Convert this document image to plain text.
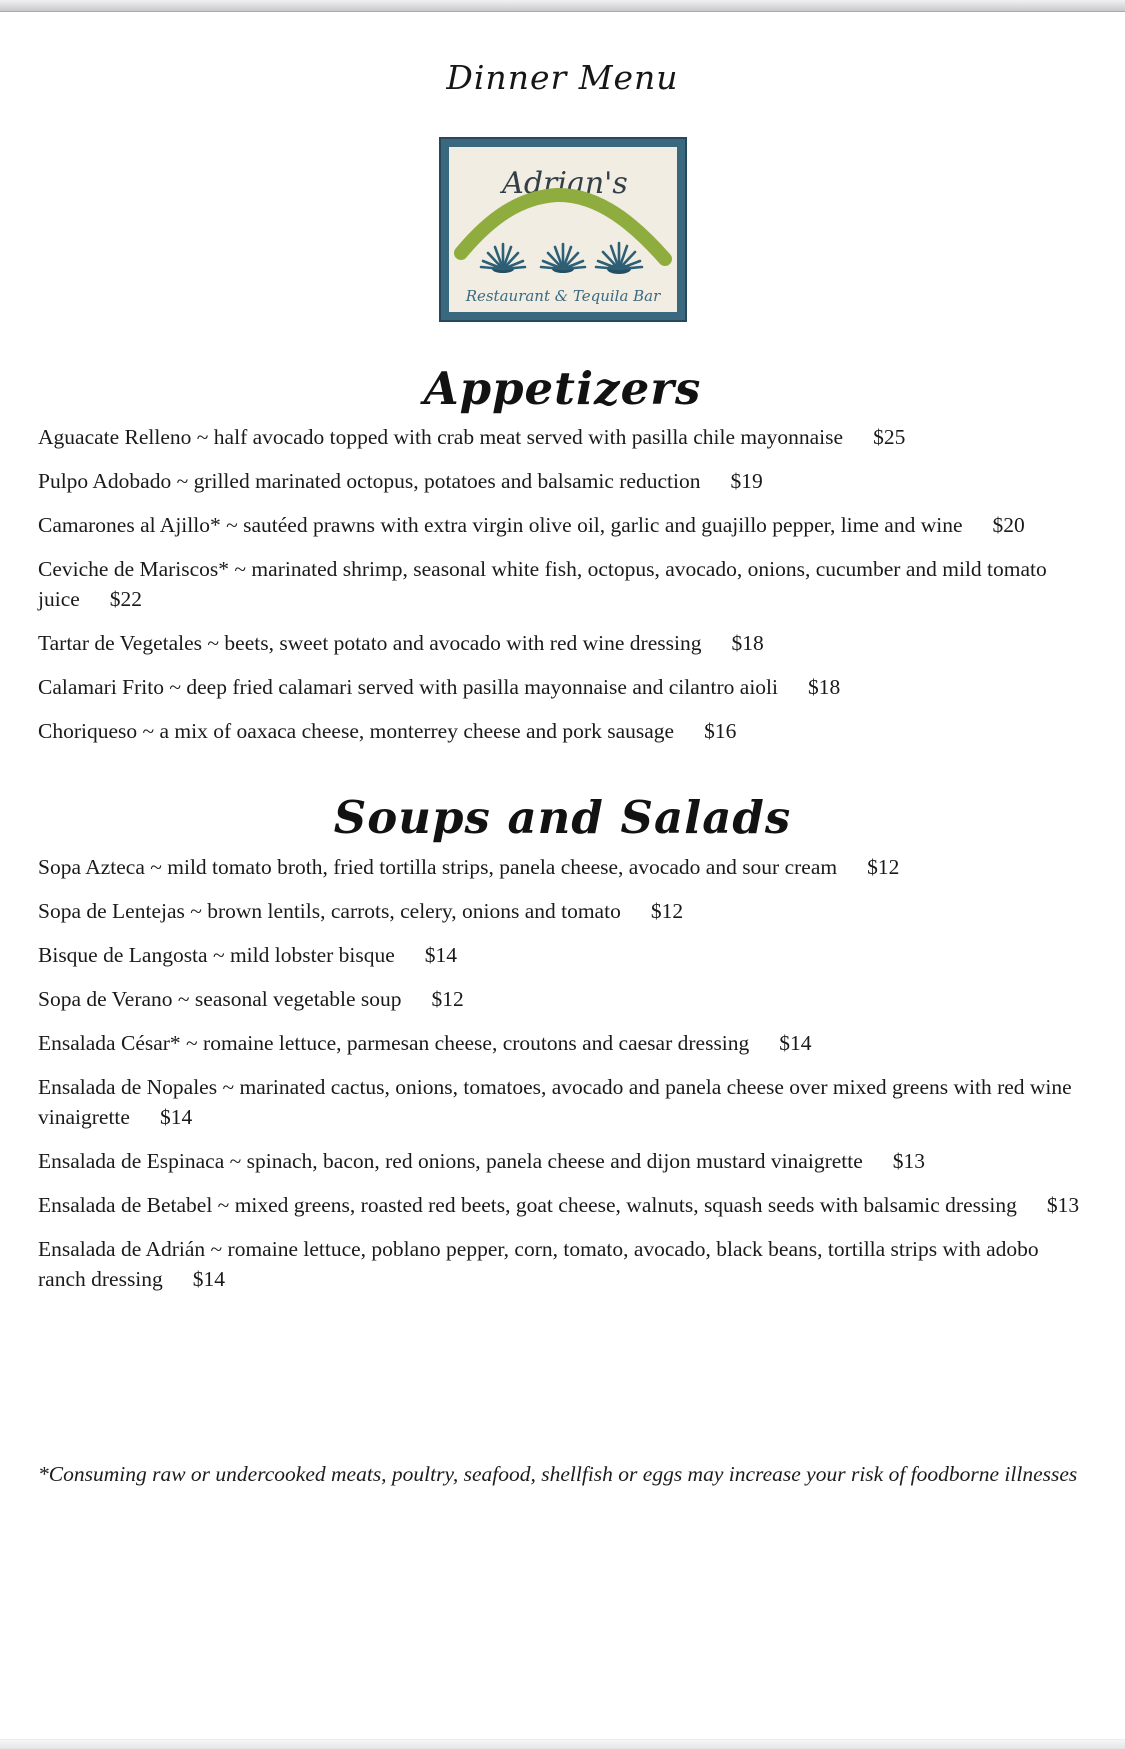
Dinner Menu
Adrian's
Restaurant & Tequila Bar
Appetizers

Aguacate Relleno ~ half avocado topped with crab meat served with pasilla chile mayonnaise $25

Pulpo Adobado ~ grilled marinated octopus, potatoes and balsamic reduction $19

Camarones al Ajillo* ~ sautéed prawns with extra virgin olive oil, garlic and guajillo pepper, lime and wine $20

Ceviche de Mariscos* ~ marinated shrimp, seasonal white fish, octopus, avocado, onions, cucumber and mild tomato juice $22

Tartar de Vegetales ~ beets, sweet potato and avocado with red wine dressing $18

Calamari Frito ~ deep fried calamari served with pasilla mayonnaise and cilantro aioli $18

Choriqueso ~ a mix of oaxaca cheese, monterrey cheese and pork sausage $16

Soups and Salads

Sopa Azteca ~ mild tomato broth, fried tortilla strips, panela cheese, avocado and sour cream $12

Sopa de Lentejas ~ brown lentils, carrots, celery, onions and tomato $12

Bisque de Langosta ~ mild lobster bisque $14

Sopa de Verano ~ seasonal vegetable soup $12

Ensalada César* ~ romaine lettuce, parmesan cheese, croutons and caesar dressing $14

Ensalada de Nopales ~ marinated cactus, onions, tomatoes, avocado and panela cheese over mixed greens with red wine vinaigrette $14

Ensalada de Espinaca ~ spinach, bacon, red onions, panela cheese and dijon mustard vinaigrette $13

Ensalada de Betabel ~ mixed greens, roasted red beets, goat cheese, walnuts, squash seeds with balsamic dressing $13

Ensalada de Adrián ~ romaine lettuce, poblano pepper, corn, tomato, avocado, black beans, tortilla strips with adobo ranch dressing $14

*Consuming raw or undercooked meats, poultry, seafood, shellfish or eggs may increase your risk of foodborne illnesses
